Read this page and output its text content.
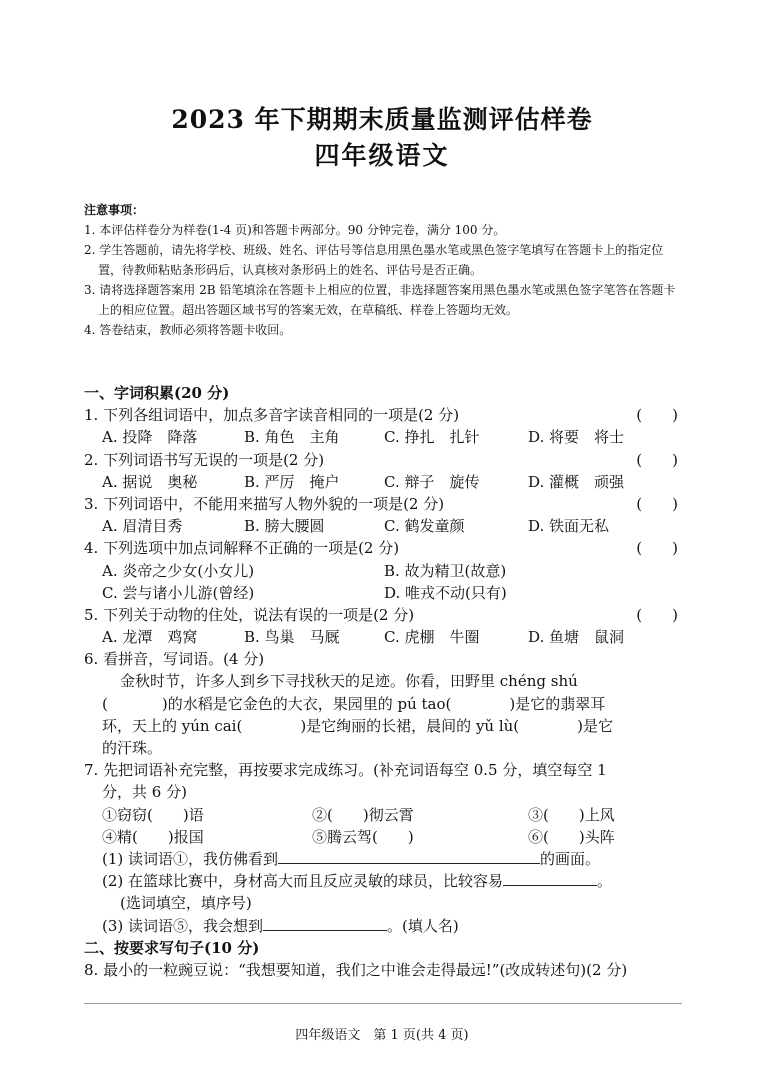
2023 年下期期末质量监测评估样卷
四年级语文
注意事项：
1. 本评估样卷分为样卷(1-4 页)和答题卡两部分。90 分钟完卷，满分 100 分。
2. 学生答题前，请先将学校、班级、姓名、评估号等信息用黑色墨水笔或黑色签字笔填写在答题卡上的指定位置，待教师粘贴条形码后，认真核对条形码上的姓名、评估号是否正确。
3. 请将选择题答案用 2B 铅笔填涂在答题卡上相应的位置，非选择题答案用黑色墨水笔或黑色签字笔答在答题卡上的相应位置。超出答题区域书写的答案无效，在草稿纸、样卷上答题均无效。
4. 答卷结束，教师必须将答题卡收回。
一、字词积累(20 分)
1. 下列各组词语中，加点多音字读音相同的一项是(2 分)	(　　)
A. 投降　降落	B. 角色　主角	C. 挣扎　扎针	D. 将要　将士
2. 下列词语书写无误的一项是(2 分)	(　　)
A. 据说　奥秘	B. 严厉　掩户	C. 辩子　旋传	D. 灌概　顽强
3. 下列词语中，不能用来描写人物外貌的一项是(2 分)	(　　)
A. 眉清目秀	B. 膀大腰圆	C. 鹤发童颜	D. 铁面无私
4. 下列选项中加点词解释不正确的一项是(2 分)	(　　)
A. 炎帝之少女(小女儿)	B. 故为精卫(故意)
C. 尝与诸小儿游(曾经)	D. 唯戎不动(只有)
5. 下列关于动物的住处，说法有误的一项是(2 分)	(　　)
A. 龙潭　鸡窝	B. 鸟巢　马厩	C. 虎棚　牛圈	D. 鱼塘　鼠洞
6. 看拼音，写词语。(4 分)
金秋时节，许多人到乡下寻找秋天的足迹。你看，田野里 chéng shú
(	)的水稻是它金色的大衣，果园里的 pú tao(	)是它的翡翠耳
环，天上的 yún cai(	)是它绚丽的长裙，晨间的 yǔ lù(	)是它
的汗珠。
7. 先把词语补充完整，再按要求完成练习。(补充词语每空 0.5 分，填空每空 1
分，共 6 分)
①窃窃(　　)语	②(　　)彻云霄	③(　　)上风
④精(　　)报国	⑤腾云驾(　　)	⑥(　　)头阵
(1) 读词语①，我仿佛看到	的画面。
(2) 在篮球比赛中，身材高大而且反应灵敏的球员，比较容易	。
(选词填空，填序号)
(3) 读词语⑤，我会想到	。(填人名)
二、按要求写句子(10 分)
8. 最小的一粒豌豆说：“我想要知道，我们之中谁会走得最远!”(改成转述句)(2 分)
四年级语文　第 1 页(共 4 页)
